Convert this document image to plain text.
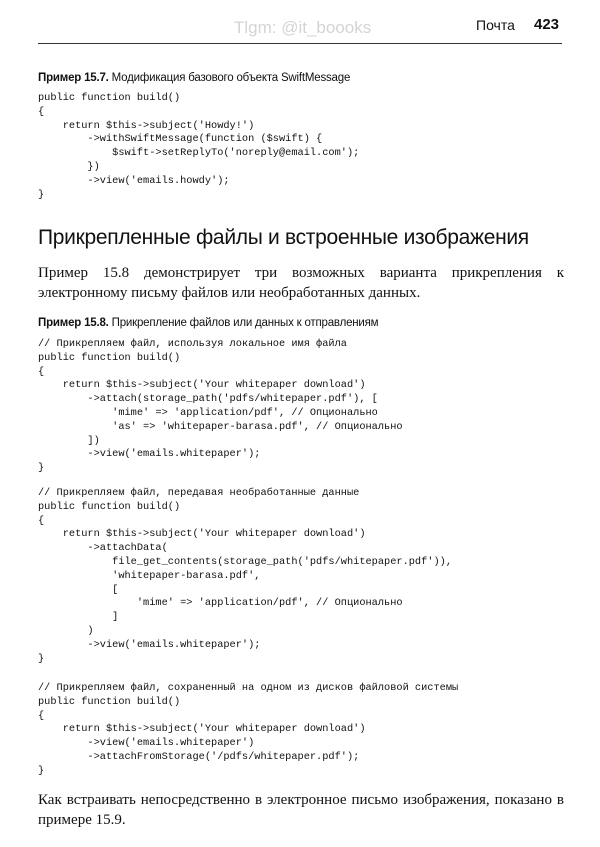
Tlgm: @it_boooks	Почта 423
Пример 15.7. Модификация базового объекта SwiftMessage
public function build()
{
return $this->subject('Howdy!')
->withSwiftMessage(function ($swift) {
$swift->setReplyTo('noreply@email.com');
})
->view('emails.howdy');
}
Прикрепленные файлы и встроенные изображения
Пример 15.8 демонстрирует три возможных варианта прикрепления к электронному письму файлов или необработанных данных.
Пример 15.8. Прикрепление файлов или данных к отправлениям
// Прикрепляем файл, используя локальное имя файла
public function build()
{
return $this->subject('Your whitepaper download')
->attach(storage_path('pdfs/whitepaper.pdf'), [
'mime' => 'application/pdf', // Опционально
'as' => 'whitepaper-barasa.pdf', // Опционально
])
->view('emails.whitepaper');
}
// Прикрепляем файл, передавая необработанные данные
public function build()
{
return $this->subject('Your whitepaper download')
->attachData(
file_get_contents(storage_path('pdfs/whitepaper.pdf')),
'whitepaper-barasa.pdf',
[
'mime' => 'application/pdf', // Опционально
]
)
->view('emails.whitepaper');
}
// Прикрепляем файл, сохраненный на одном из дисков файловой системы
public function build()
{
return $this->subject('Your whitepaper download')
->view('emails.whitepaper')
->attachFromStorage('/pdfs/whitepaper.pdf');
}
Как встраивать непосредственно в электронное письмо изображения, показано в примере 15.9.
